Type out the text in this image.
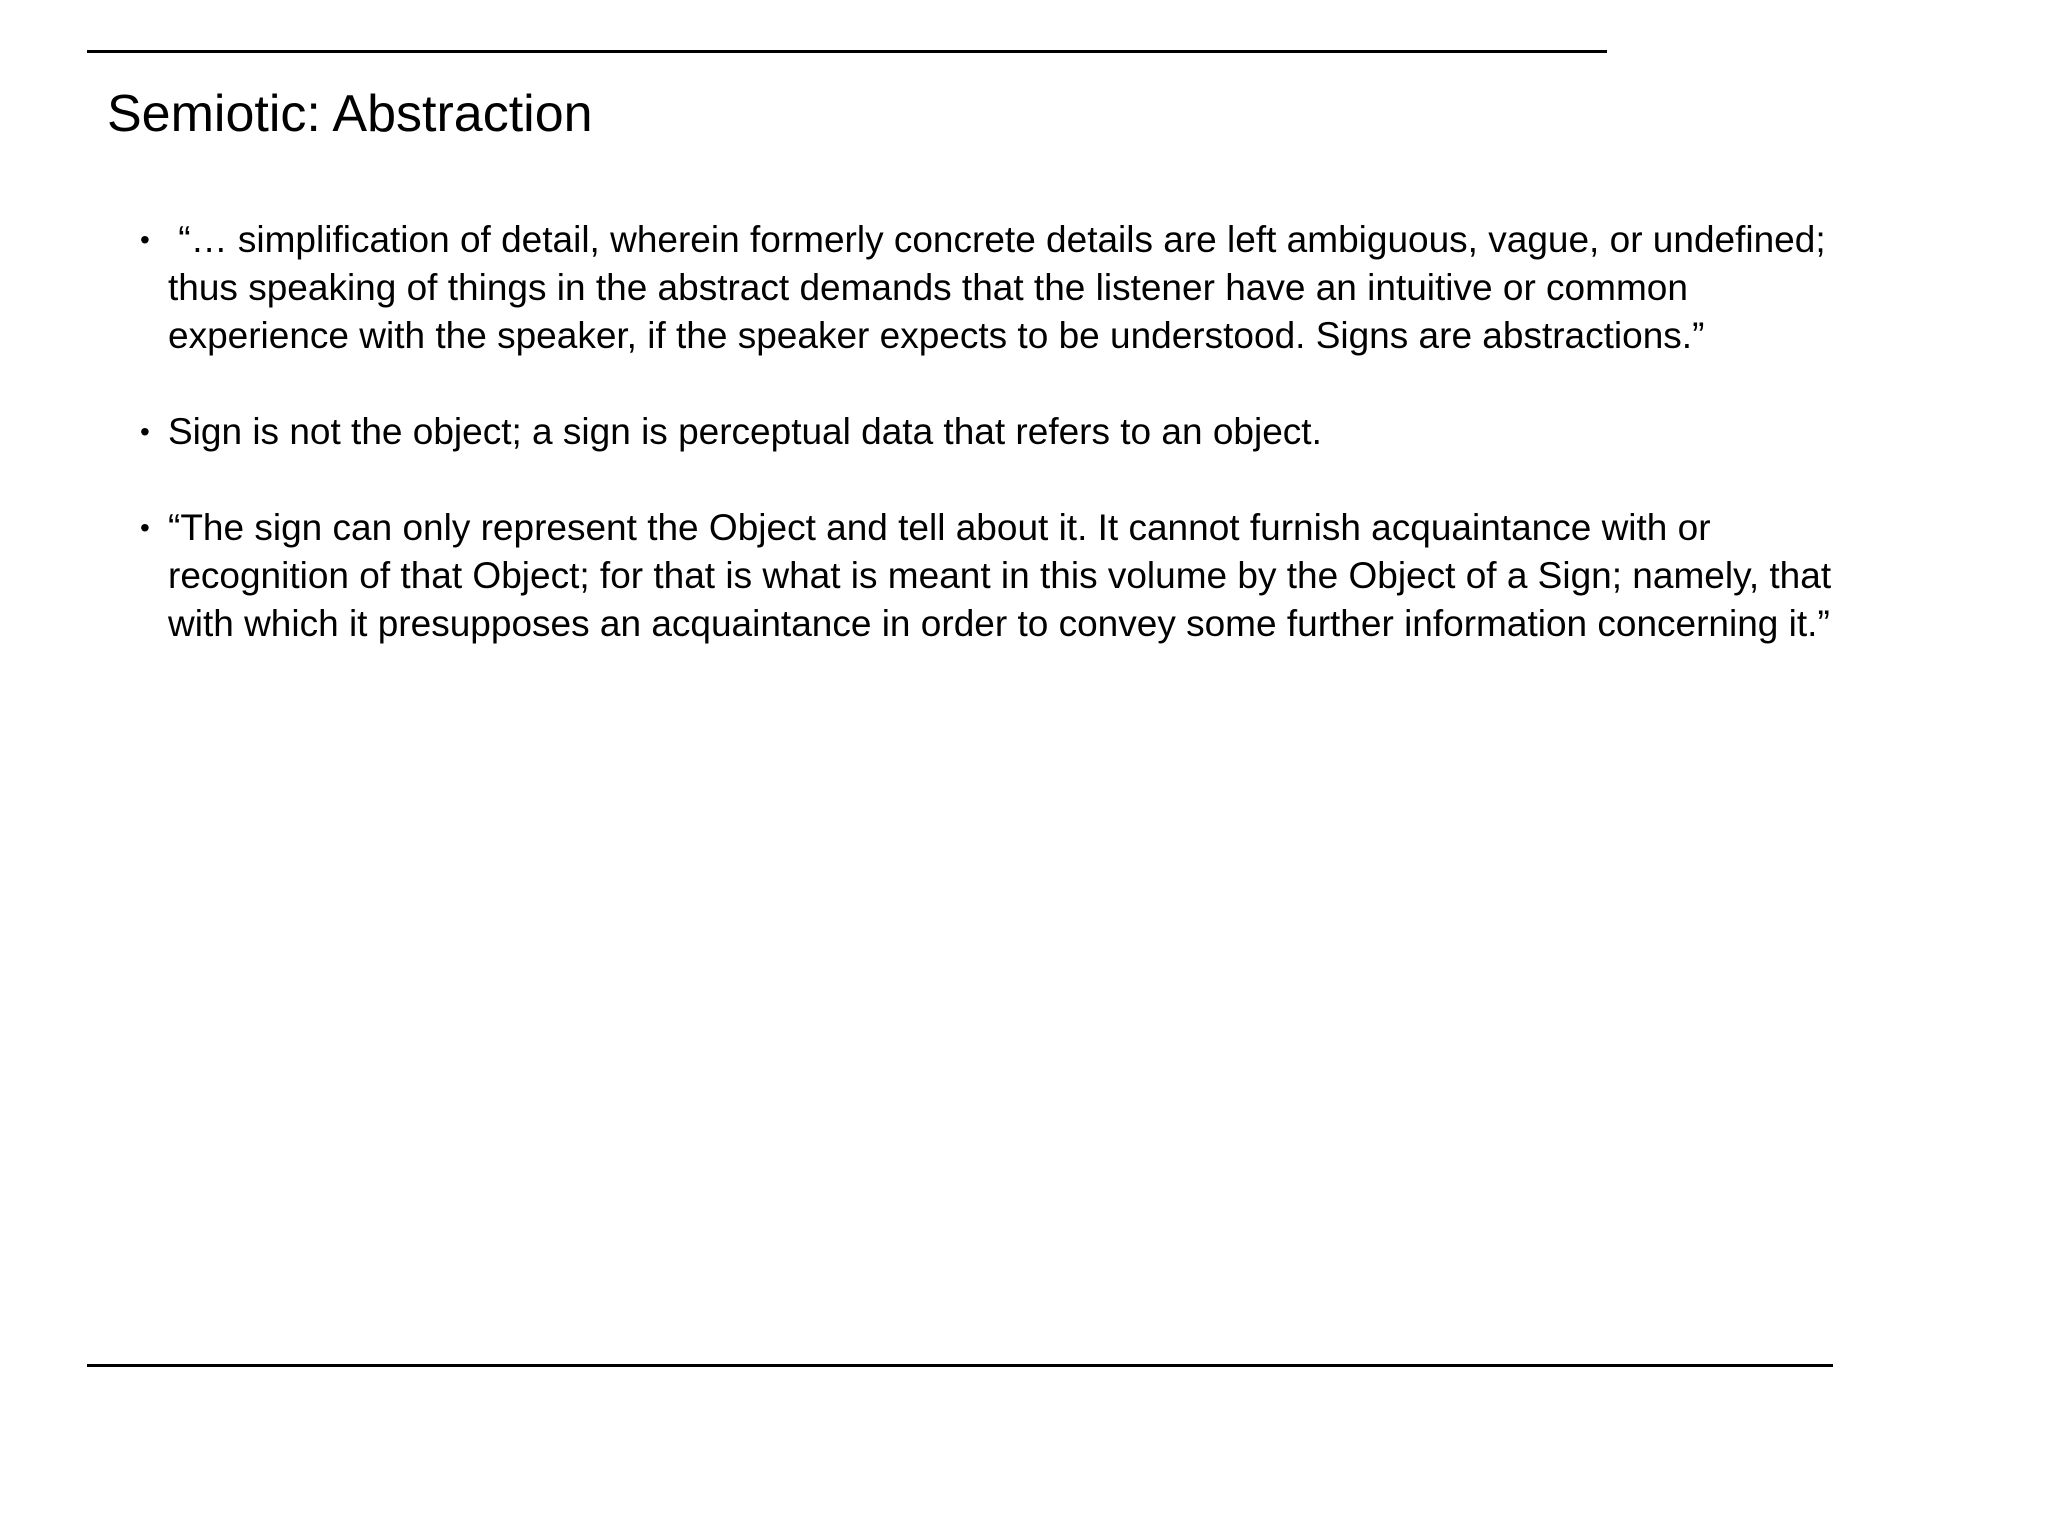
Semiotic: Abstraction
• “… simplification of detail, wherein formerly concrete details are left ambiguous, vague, or undefined; thus speaking of things in the abstract demands that the listener have an intuitive or common experience with the speaker, if the speaker expects to be understood. Signs are abstractions.”
• Sign is not the object; a sign is perceptual data that refers to an object.
• “The sign can only represent the Object and tell about it. It cannot furnish acquaintance with or recognition of that Object; for that is what is meant in this volume by the Object of a Sign; namely, that with which it presupposes an acquaintance in order to convey some further information concerning it.”
